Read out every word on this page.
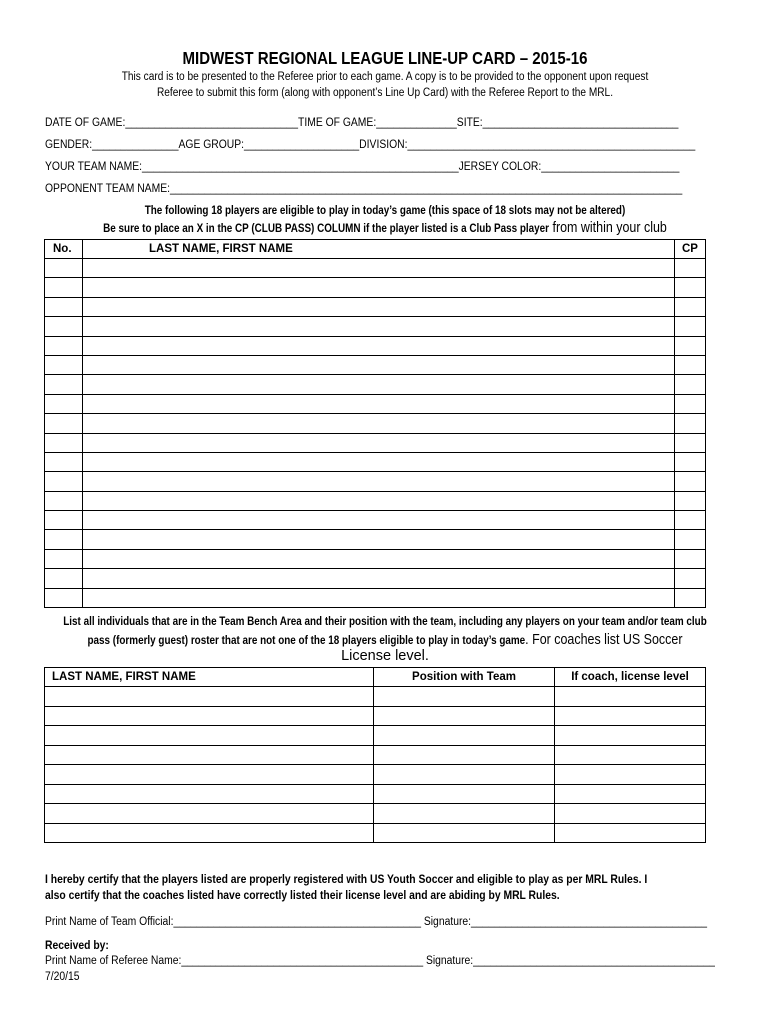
MIDWEST REGIONAL LEAGUE LINE-UP CARD – 2015-16
This card is to be presented to the Referee prior to each game. A copy is to be provided to the opponent upon request
Referee to submit this form (along with opponent’s Line Up Card) with the Referee Report to the MRL.
DATE OF GAME:______________________________TIME OF GAME:______________SITE:__________________________________
GENDER:_______________AGE GROUP:____________________DIVISION:__________________________________________________
YOUR TEAM NAME:_______________________________________________________JERSEY COLOR:________________________
OPPONENT TEAM NAME:_________________________________________________________________________________________
The following 18 players are eligible to play in today’s game (this space of 18 slots may not be altered)
Be sure to place an X in the CP (CLUB PASS) COLUMN if the player listed is a Club Pass player from within your club
No.	LAST NAME, FIRST NAME	CP

List all individuals that are in the Team Bench Area and their position with the team, including any players on your team and/or team club
pass (formerly guest) roster that are not one of the 18 players eligible to play in today’s game. For coaches list US Soccer
License level.
LAST NAME, FIRST NAME	Position with Team	If coach, license level

I hereby certify that the players listed are properly registered with US Youth Soccer and eligible to play as per MRL Rules. I also certify that the coaches listed have correctly listed their license level and are abiding by MRL Rules.
Print Name of Team Official:___________________________________________ Signature:_________________________________________
Received by:
Print Name of Referee Name:__________________________________________ Signature:__________________________________________
7/20/15
